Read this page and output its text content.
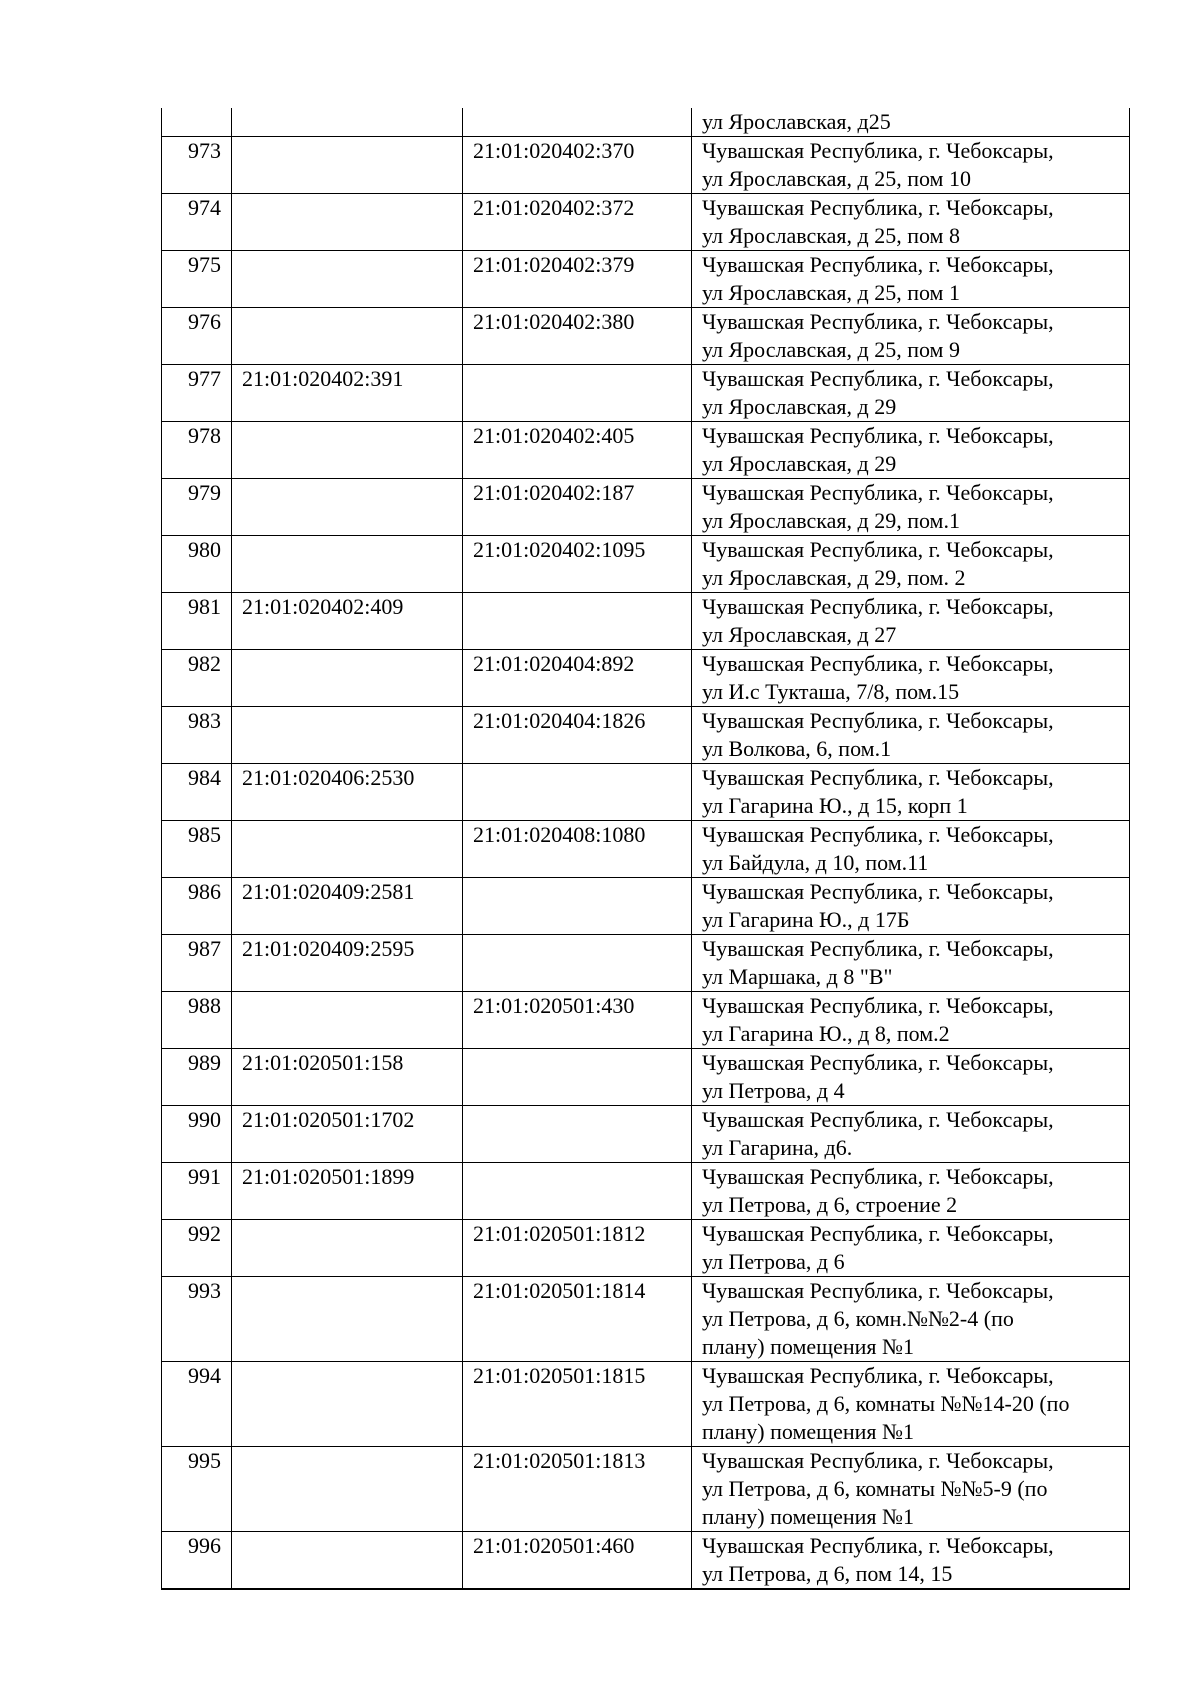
			ул Ярославская, д25

973		21:01:020402:370	Чувашская Республика, г. Чебоксары,
ул Ярославская, д 25, пом 10

974		21:01:020402:372	Чувашская Республика, г. Чебоксары,
ул Ярославская, д 25, пом 8

975		21:01:020402:379	Чувашская Республика, г. Чебоксары,
ул Ярославская, д 25, пом 1

976		21:01:020402:380	Чувашская Республика, г. Чебоксары,
ул Ярославская, д 25, пом 9

977	21:01:020402:391		Чувашская Республика, г. Чебоксары,
ул Ярославская, д 29

978		21:01:020402:405	Чувашская Республика, г. Чебоксары,
ул Ярославская, д 29

979		21:01:020402:187	Чувашская Республика, г. Чебоксары,
ул Ярославская, д 29, пом.1

980		21:01:020402:1095	Чувашская Республика, г. Чебоксары,
ул Ярославская, д 29, пом. 2

981	21:01:020402:409		Чувашская Республика, г. Чебоксары,
ул Ярославская, д 27

982		21:01:020404:892	Чувашская Республика, г. Чебоксары,
ул И.с Тукташа, 7/8, пом.15

983		21:01:020404:1826	Чувашская Республика, г. Чебоксары,
ул Волкова, 6, пом.1

984	21:01:020406:2530		Чувашская Республика, г. Чебоксары,
ул Гагарина Ю., д 15, корп 1

985		21:01:020408:1080	Чувашская Республика, г. Чебоксары,
ул Байдула, д 10, пом.11

986	21:01:020409:2581		Чувашская Республика, г. Чебоксары,
ул Гагарина Ю., д 17Б

987	21:01:020409:2595		Чувашская Республика, г. Чебоксары,
ул Маршака, д 8 "В"

988		21:01:020501:430	Чувашская Республика, г. Чебоксары,
ул Гагарина Ю., д 8, пом.2

989	21:01:020501:158		Чувашская Республика, г. Чебоксары,
ул Петрова, д 4

990	21:01:020501:1702		Чувашская Республика, г. Чебоксары,
ул Гагарина, д6.

991	21:01:020501:1899		Чувашская Республика, г. Чебоксары,
ул Петрова, д 6, строение 2

992		21:01:020501:1812	Чувашская Республика, г. Чебоксары,
ул Петрова, д 6

993		21:01:020501:1814	Чувашская Республика, г. Чебоксары,
ул Петрова, д 6, комн.№№2-4 (по
плану) помещения №1

994		21:01:020501:1815	Чувашская Республика, г. Чебоксары,
ул Петрова, д 6, комнаты №№14-20 (по
плану) помещения №1

995		21:01:020501:1813	Чувашская Республика, г. Чебоксары,
ул Петрова, д 6, комнаты №№5-9 (по
плану) помещения №1

996		21:01:020501:460	Чувашская Республика, г. Чебоксары,
ул Петрова, д 6, пом 14, 15
